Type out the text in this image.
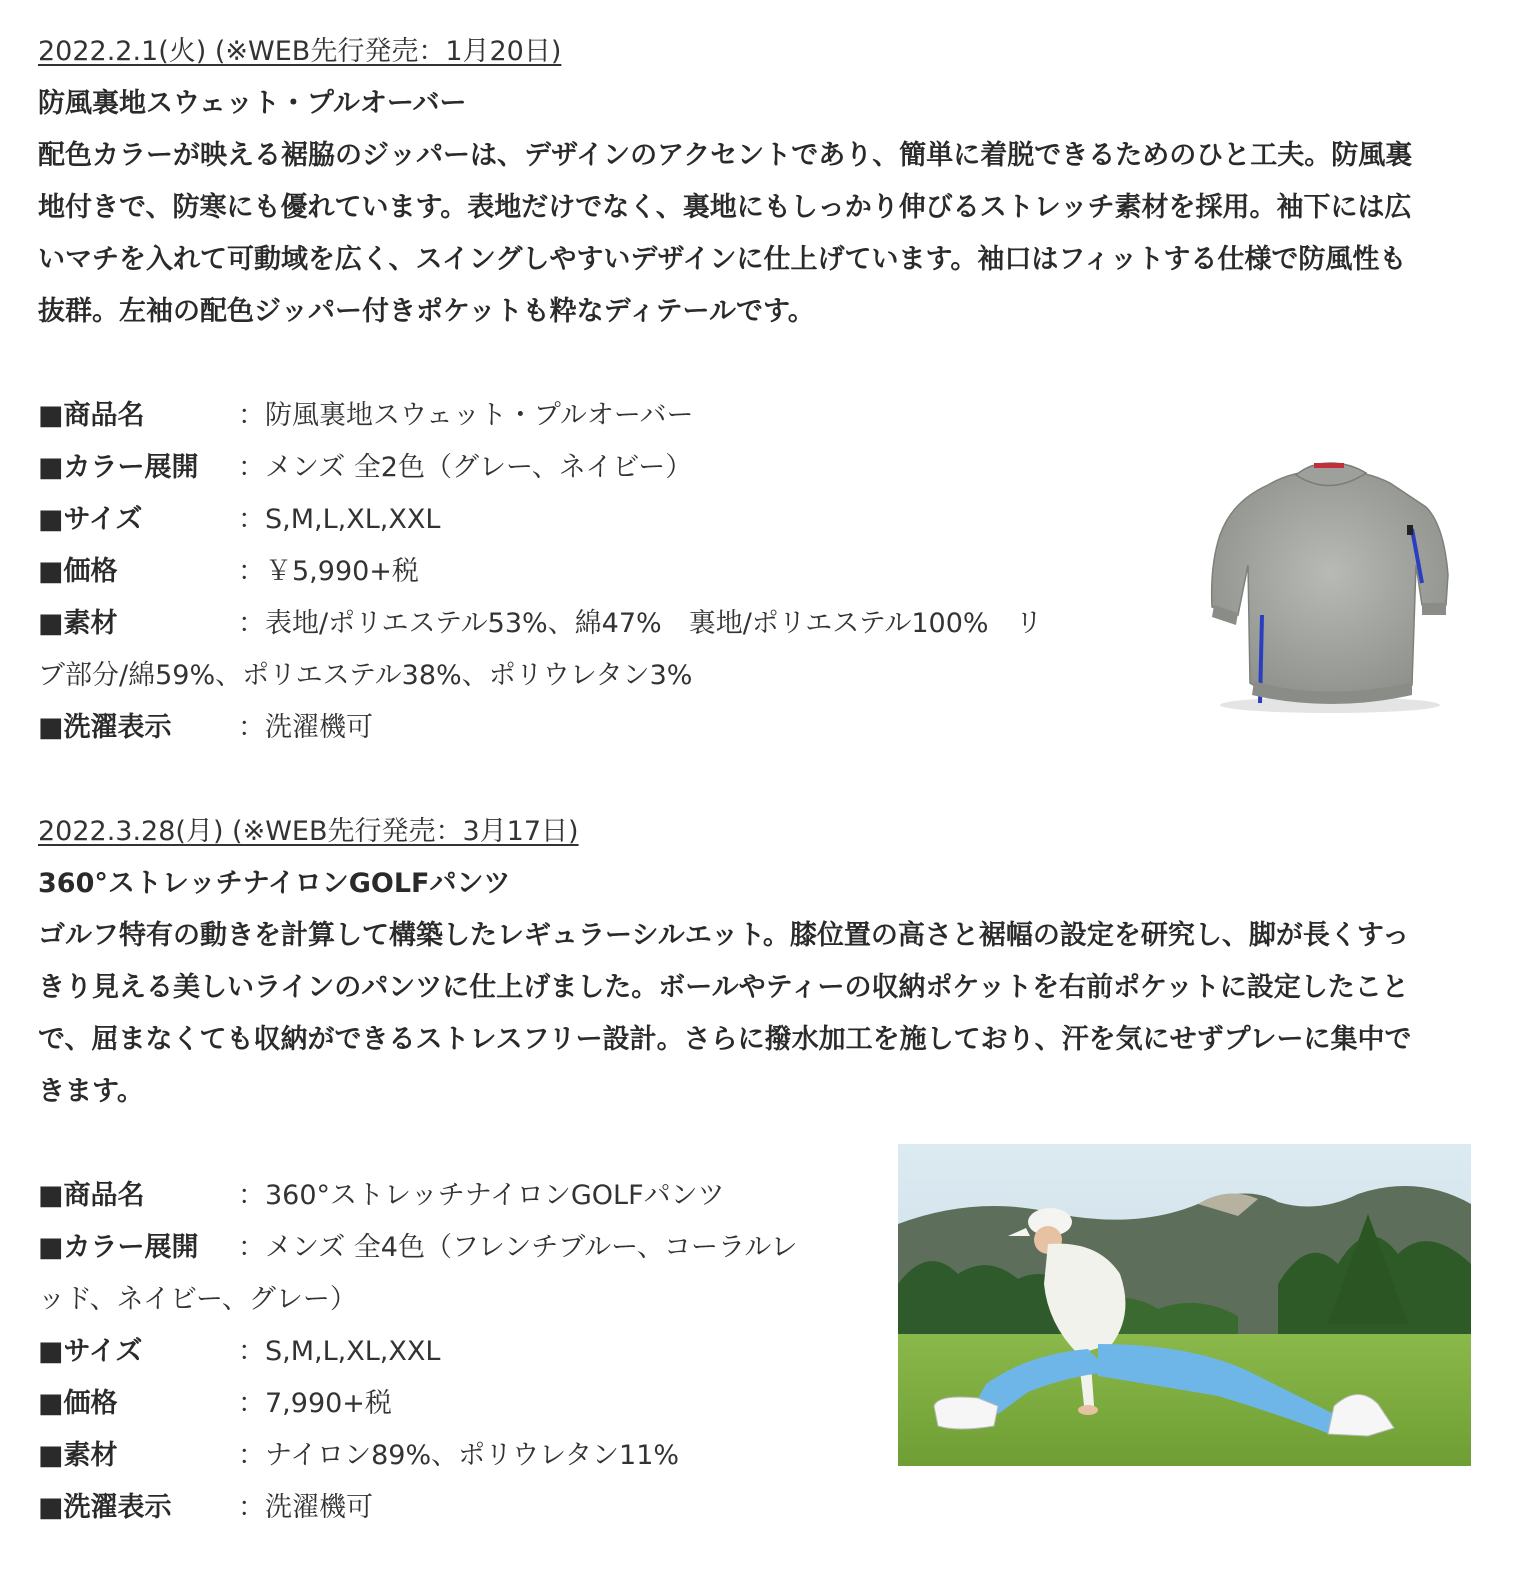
2022.2.1(火) (※WEB先行発売：1月20日)
防風裏地スウェット・プルオーバー
配色カラーが映える裾脇のジッパーは、デザインのアクセントであり、簡単に着脱できるためのひと工夫。防風裏
地付きで、防寒にも優れています。表地だけでなく、裏地にもしっかり伸びるストレッチ素材を採用。袖下には広
いマチを入れて可動域を広く、スイングしやすいデザインに仕上げています。袖口はフィットする仕様で防風性も
抜群。左袖の配色ジッパー付きポケットも粋なディテールです。
■商品名	：防風裏地スウェット・プルオーバー
■カラー展開 ：メンズ 全2色（グレー、ネイビー）
■サイズ	：S,M,L,XL,XXL
■価格	：￥5,990+税
■素材	：表地/ポリエステル53%、綿47%　裏地/ポリエステル100%　リ
ブ部分/綿59%、ポリエステル38%、ポリウレタン3%
■洗濯表示 ：洗濯機可
2022.3.28(月) (※WEB先行発売：3月17日)
360°ストレッチナイロンGOLFパンツ
ゴルフ特有の動きを計算して構築したレギュラーシルエット。膝位置の高さと裾幅の設定を研究し、脚が長くすっ
きり見える美しいラインのパンツに仕上げました。ボールやティーの収納ポケットを右前ポケットに設定したこと
で、屈まなくても収納ができるストレスフリー設計。さらに撥水加工を施しており、汗を気にせずプレーに集中で
きます。
■商品名	：360°ストレッチナイロンGOLFパンツ
■カラー展開 ：メンズ 全4色（フレンチブルー、コーラルレ
ッド、ネイビー、グレー）
■サイズ	：S,M,L,XL,XXL
■価格	：7,990+税
■素材	：ナイロン89%、ポリウレタン11%
■洗濯表示 ：洗濯機可
